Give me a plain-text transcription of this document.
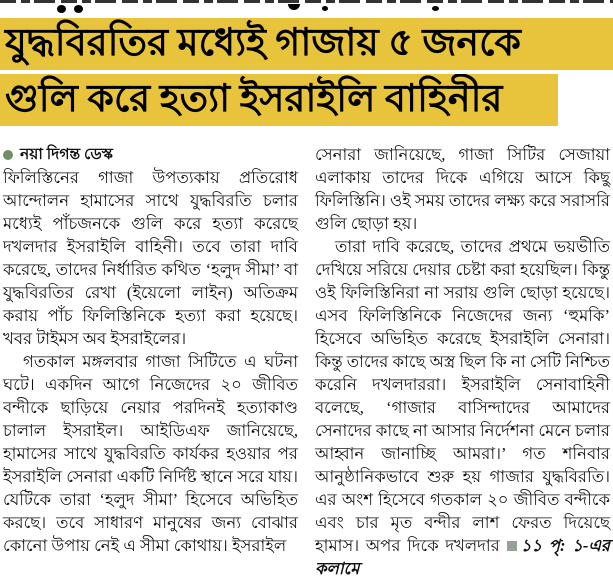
যুদ্ধবিরতির মধ্যেই গাজায় ৫ জনকে
গুলি করে হত্যা ইসরাইলি বাহিনীর
নয়া দিগন্ত ডেস্ক

ফিলিস্তিনের গাজা উপত্যকায় প্রতিরোধ আন্দোলন হামাসের সাথে যুদ্ধবিরতি চলার মধ্যেই পাঁচজনকে গুলি করে হত্যা করেছে দখলদার ইসরাইলি বাহিনী। তবে তারা দাবি করেছে, তাদের নির্ধারিত কথিত ‘হলুদ সীমা’ বা যুদ্ধবিরতির রেখা (ইয়েলো লাইন) অতিক্রম করায় পাঁচ ফিলিস্তিনিকে হত্যা করা হয়েছে। খবর টাইমস অব ইসরাইলের।

গতকাল মঙ্গলবার গাজা সিটিতে এ ঘটনা ঘটে। একদিন আগে নিজেদের ২০ জীবিত বন্দীকে ছাড়িয়ে নেয়ার পরদিনই হত্যাকাণ্ড চালাল ইসরাইল। আইডিএফ জানিয়েছে, হামাসের সাথে যুদ্ধবিরতি কার্যকর হওয়ার পর ইসরাইলি সেনারা একটি নির্দিষ্ট স্থানে সরে যায়। যেটিকে তারা ‘হলুদ সীমা’ হিসেবে অভিহিত করছে। তবে সাধারণ মানুষের জন্য বোঝার কোনো উপায় নেই এ সীমা কোথায়। ইসরাইল

সেনারা জানিয়েছে, গাজা সিটির সেজায়া এলাকায় তাদের দিকে এগিয়ে আসে কিছু ফিলিস্তিনি। ওই সময় তাদের লক্ষ্য করে সরাসরি গুলি ছোড়া হয়।

তারা দাবি করেছে, তাদের প্রথমে ভয়ভীতি দেখিয়ে সরিয়ে দেয়ার চেষ্টা করা হয়েছিল। কিন্তু ওই ফিলিস্তিনিরা না সরায় গুলি ছোড়া হয়েছে। এসব ফিলিস্তিনিকে নিজেদের জন্য ‘হুমকি’ হিসেবে অভিহিত করেছে ইসরাইলি সেনারা। কিন্তু তাদের কাছে অস্ত্র ছিল কি না সেটি নিশ্চিত করেনি দখলদাররা। ইসরাইলি সেনাবাহিনী বলেছে, ‘গাজার বাসিন্দাদের আমাদের সেনাদের কাছে না আসার নির্দেশনা মেনে চলার আহ্বান জানাচ্ছি আমরা।’ গত শনিবার আনুষ্ঠানিকভাবে শুরু হয় গাজার যুদ্ধবিরতি। এর অংশ হিসেবে গতকাল ২০ জীবিত বন্দীকে এবং চার মৃত বন্দীর লাশ ফেরত দিয়েছে হামাস। অপর দিকে দখলদার ১১ পৃ: ১-এর কলামে
